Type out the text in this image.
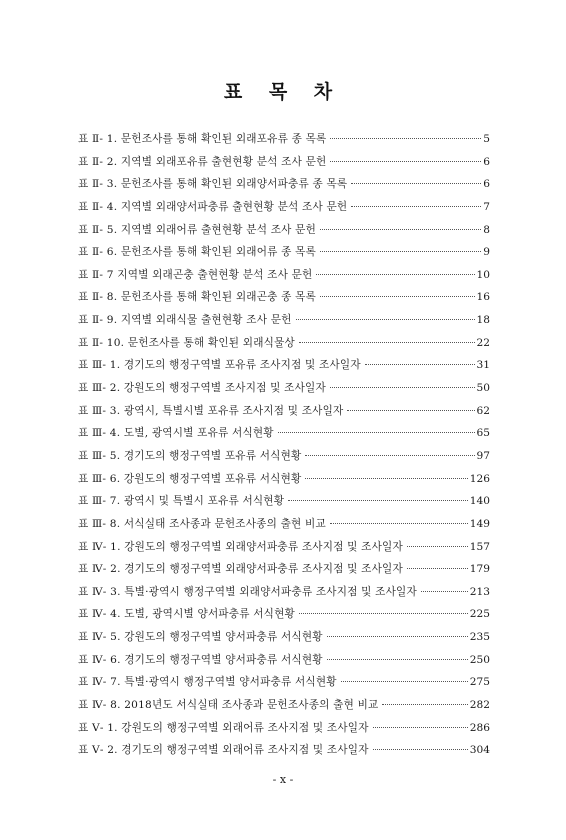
표 목 차
표 Ⅱ- 1. 문헌조사를 통해 확인된 외래포유류 종 목록	5
표 Ⅱ- 2. 지역별 외래포유류 출현현황 분석 조사 문헌	6
표 Ⅱ- 3. 문헌조사를 통해 확인된 외래양서파충류 종 목록	6
표 Ⅱ- 4. 지역별 외래양서파충류 출현현황 분석 조사 문헌	7
표 Ⅱ- 5. 지역별 외래어류 출현현황 분석 조사 문헌	8
표 Ⅱ- 6. 문헌조사를 통해 확인된 외래어류 종 목록	9
표 Ⅱ- 7 지역별 외래곤충 출현현황 분석 조사 문헌	10
표 Ⅱ- 8. 문헌조사를 통해 확인된 외래곤충 종 목록	16
표 Ⅱ- 9. 지역별 외래식물 출현현황 조사 문헌	18
표 Ⅱ- 10. 문헌조사를 통해 확인된 외래식물상	22
표 Ⅲ- 1. 경기도의 행정구역별 포유류 조사지점 및 조사일자	31
표 Ⅲ- 2. 강원도의 행정구역별 조사지점 및 조사일자	50
표 Ⅲ- 3. 광역시, 특별시별 포유류 조사지점 및 조사일자	62
표 Ⅲ- 4. 도별, 광역시별 포유류 서식현황	65
표 Ⅲ- 5. 경기도의 행정구역별 포유류 서식현황	97
표 Ⅲ- 6. 강원도의 행정구역별 포유류 서식현황	126
표 Ⅲ- 7. 광역시 및 특별시 포유류 서식현황	140
표 Ⅲ- 8. 서식실태 조사종과 문헌조사종의 출현 비교	149
표 Ⅳ- 1. 강원도의 행정구역별 외래양서파충류 조사지점 및 조사일자	157
표 Ⅳ- 2. 경기도의 행정구역별 외래양서파충류 조사지점 및 조사일자	179
표 Ⅳ- 3. 특별·광역시 행정구역별 외래양서파충류 조사지점 및 조사일자	213
표 Ⅳ- 4. 도별, 광역시별 양서파충류 서식현황	225
표 Ⅳ- 5. 강원도의 행정구역별 양서파충류 서식현황	235
표 Ⅳ- 6. 경기도의 행정구역별 양서파충류 서식현황	250
표 Ⅳ- 7. 특별·광역시 행정구역별 양서파충류 서식현황	275
표 Ⅳ- 8. 2018년도 서식실태 조사종과 문헌조사종의 출현 비교	282
표 Ⅴ- 1. 강원도의 행정구역별 외래어류 조사지점 및 조사일자	286
표 Ⅴ- 2. 경기도의 행정구역별 외래어류 조사지점 및 조사일자	304
- x -
